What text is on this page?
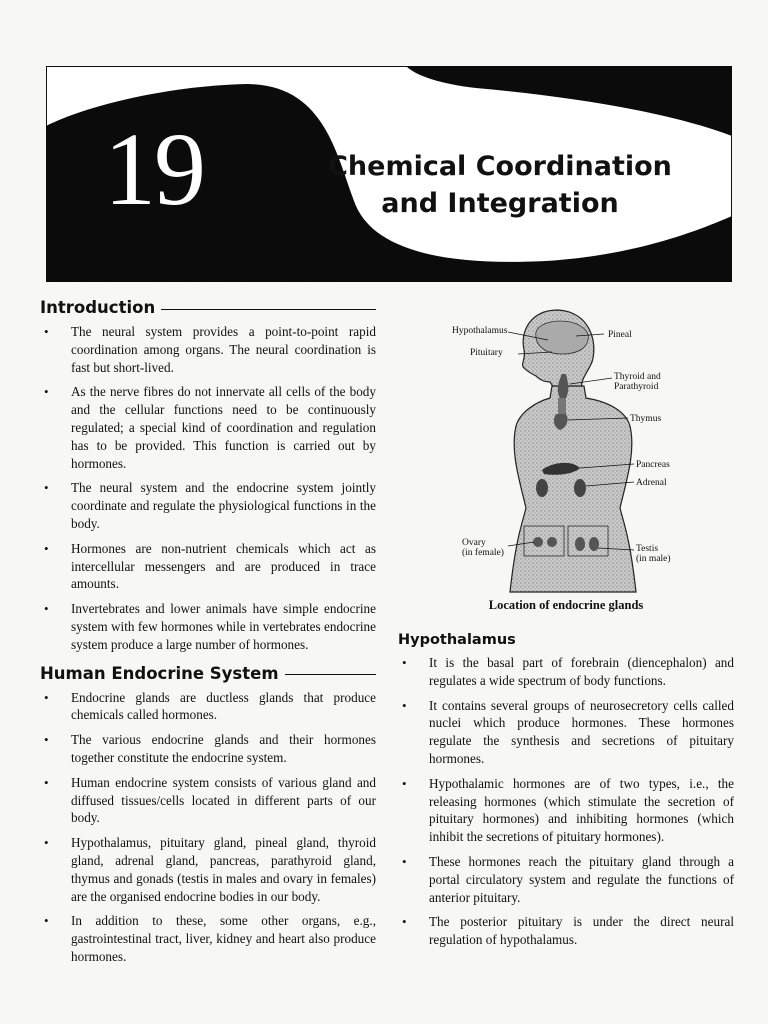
19	Chemical Coordination
and Integration
Introduction
• The neural system provides a point-to-point rapid coordination among organs. The neural coordination is fast but short-lived.
• As the nerve fibres do not innervate all cells of the body and the cellular functions need to be continuously regulated; a special kind of coordination and regulation has to be provided. This function is carried out by hormones.
• The neural system and the endocrine system jointly coordinate and regulate the physiological functions in the body.
• Hormones are non-nutrient chemicals which act as intercellular messengers and are produced in trace amounts.
• Invertebrates and lower animals have simple endocrine system with few hormones while in vertebrates endocrine system produce a large number of hormones.
Human Endocrine System
• Endocrine glands are ductless glands that produce chemicals called hormones.
• The various endocrine glands and their hormones together constitute the endocrine system.
• Human endocrine system consists of various gland and diffused tissues/cells located in different parts of our body.
• Hypothalamus, pituitary gland, pineal gland, thyroid gland, adrenal gland, pancreas, parathyroid gland, thymus and gonads (testis in males and ovary in females) are the organised endocrine bodies in our body.
• In addition to these, some other organs, e.g., gastrointestinal tract, liver, kidney and heart also produce hormones.
Hypothalamus
Pituitary
Pineal
Thyroid and
Parathyroid
Thymus
Pancreas
Adrenal
Ovary
(in female)	Testis
(in male)
Location of endocrine glands
Hypothalamus
• It is the basal part of forebrain (diencephalon) and regulates a wide spectrum of body functions.
• It contains several groups of neurosecretory cells called nuclei which produce hormones. These hormones regulate the synthesis and secretions of pituitary hormones.
• Hypothalamic hormones are of two types, i.e., the releasing hormones (which stimulate the secretion of pituitary hormones) and inhibiting hormones (which inhibit the secretions of pituitary hormones).
• These hormones reach the pituitary gland through a portal circulatory system and regulate the functions of anterior pituitary.
• The posterior pituitary is under the direct neural regulation of hypothalamus.
